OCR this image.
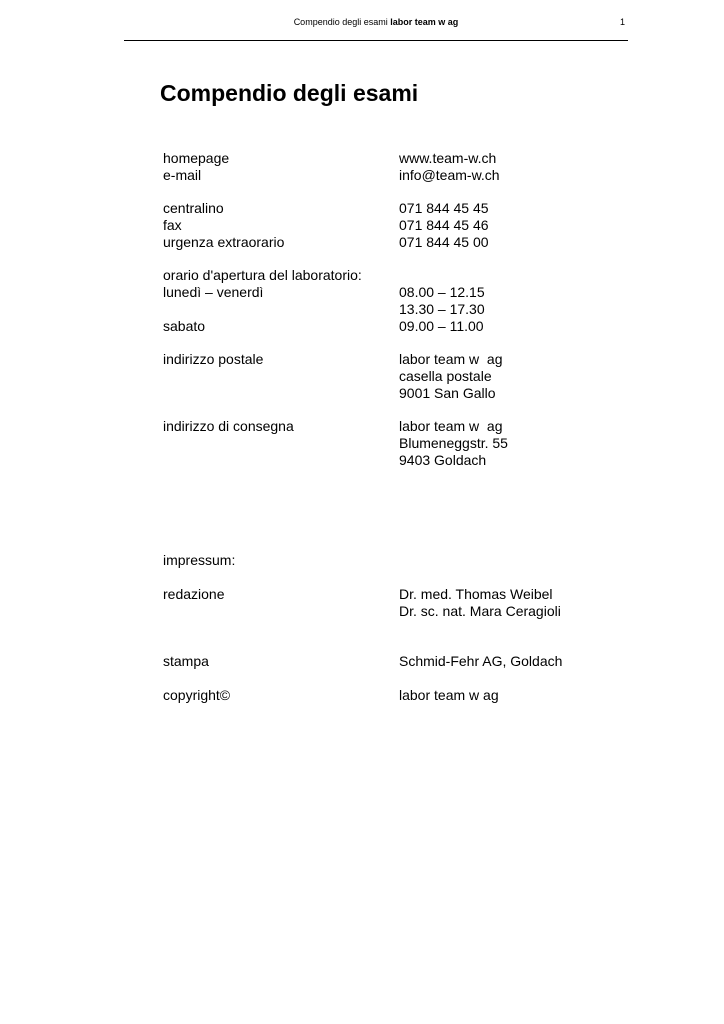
Compendio degli esami labor team w ag	1
Compendio degli esami
homepage	www.team-w.ch
e-mail	info@team-w.ch
centralino	071 844 45 45
fax	071 844 45 46
urgenza extraorario	071 844 45 00
orario d'apertura del laboratorio:
lunedì – venerdì	08.00 – 12.15
13.30 – 17.30
sabato	09.00 – 11.00
indirizzo postale	labor team w  ag
casella postale
9001 San Gallo
indirizzo di consegna	labor team w  ag
Blumeneggstr. 55
9403 Goldach
impressum:
redazione	Dr. med. Thomas Weibel
Dr. sc. nat. Mara Ceragioli
stampa	Schmid-Fehr AG, Goldach
copyright©	labor team w ag
